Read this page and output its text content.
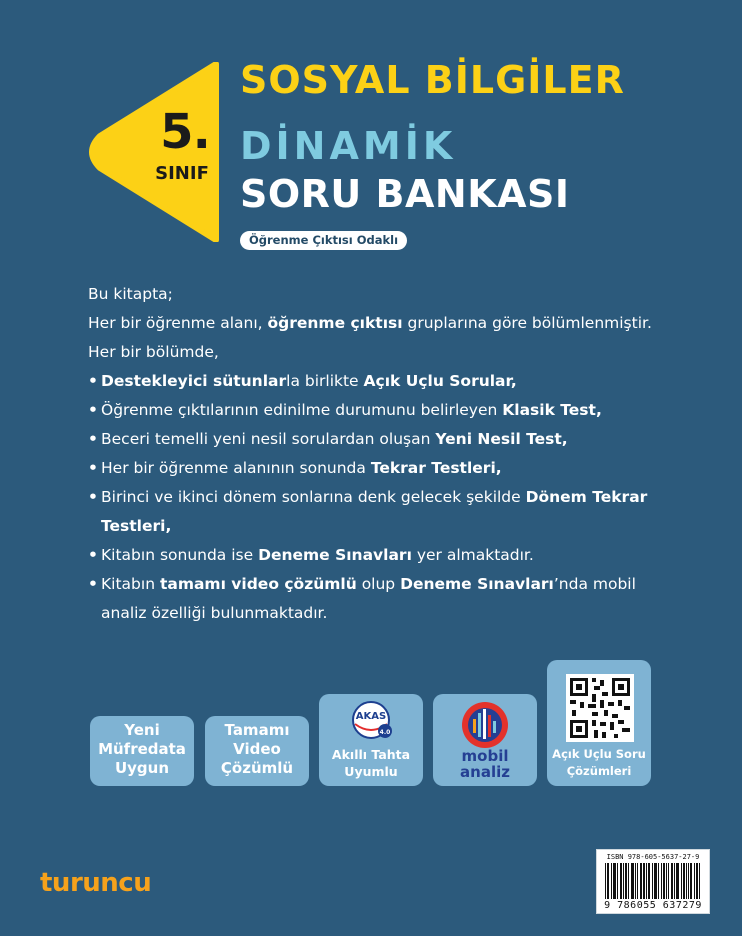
5.
SINIF
SOSYAL BİLGİLER
DİNAMİK
SORU BANKASI
Öğrenme Çıktısı Odaklı
Bu kitapta;
Her bir öğrenme alanı, öğrenme çıktısı gruplarına göre bölümlenmiştir.
Her bir bölümde,
• Destekleyici sütunlarla birlikte Açık Uçlu Sorular,
• Öğrenme çıktılarının edinilme durumunu belirleyen Klasik Test,
• Beceri temelli yeni nesil sorulardan oluşan Yeni Nesil Test,
• Her bir öğrenme alanının sonunda Tekrar Testleri,
• Birinci ve ikinci dönem sonlarına denk gelecek şekilde Dönem Tekrar Testleri,
• Kitabın sonunda ise Deneme Sınavları yer almaktadır.
• Kitabın tamamı video çözümlü olup Deneme Sınavları’nda mobil analiz özelliği bulunmaktadır.
Yeni
Müfredata
Uygun
Tamamı
Video
Çözümlü
AKAS
4.0
Akıllı Tahta
Uyumlu
mobil
analiz
Açık Uçlu Soru
Çözümleri
ISBN 978-605-5637-27-9
9 786055 637279
turuncu
